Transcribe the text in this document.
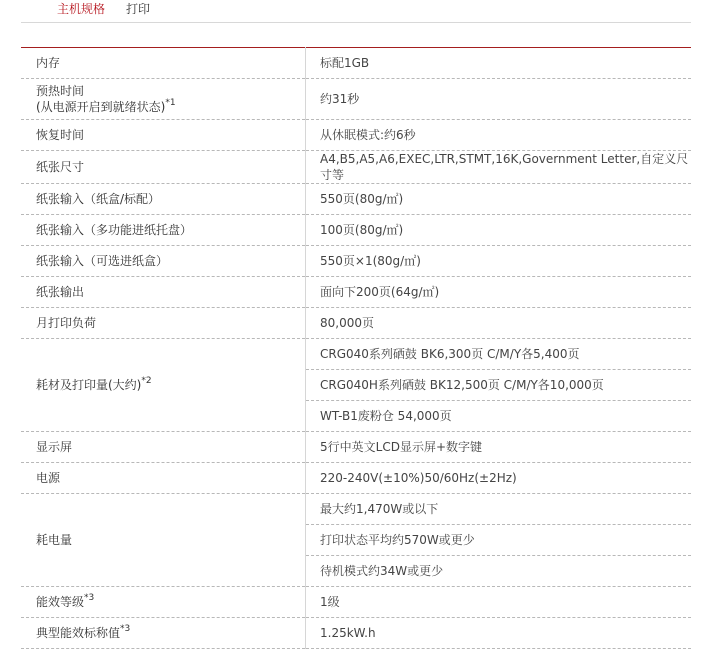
主机规格 打印
内存	标配1GB

预热时间
(从电源开启到就绪状态)$^{*1}$	约31秒
恢复时间	从休眠模式:约6秒
纸张尺寸	A4,B5,A5,A6,EXEC,LTR,STMT,16K,Government Letter,自定义尺寸等
纸张输入（纸盒/标配）	550页(80g/㎡)
纸张输入（多功能进纸托盘）	100页(80g/㎡)
纸张输入（可选进纸盒）	550页×1(80g/㎡)
纸张输出	面向下200页(64g/㎡)
月打印负荷	80,000页
耗材及打印量(大约)$^{*2}$	CRG040系列硒鼓 BK6,300页 C/M/Y各5,400页
	CRG040H系列硒鼓 BK12,500页 C/M/Y各10,000页
	WT-B1废粉仓 54,000页
显示屏	5行中英文LCD显示屏+数字键
电源	220-240V(±10%)50/60Hz(±2Hz)
耗电量	最大约1,470W或以下
	打印状态平均约570W或更少
	待机模式约34W或更少
能效等级$^{*3}$	1级
典型能效标称值$^{*3}$	1.25kW.h
